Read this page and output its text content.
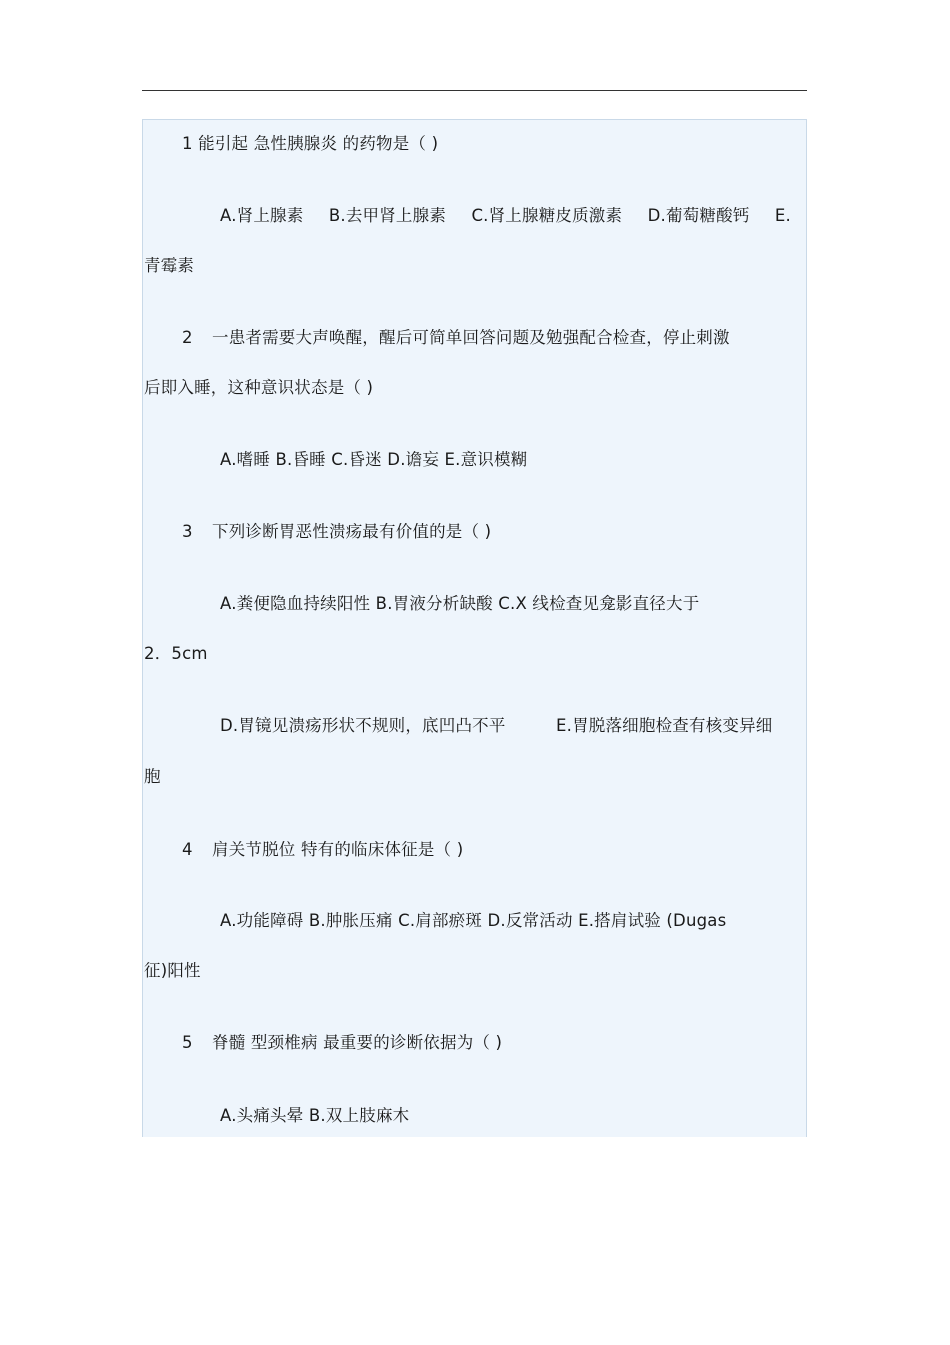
1 能引起 急性胰腺炎 的药物是（ )
A.肾上腺素 B.去甲肾上腺素 C.肾上腺糖皮质激素 D.葡萄糖酸钙 E.
青霉素
2 一患者需要大声唤醒，醒后可简单回答问题及勉强配合检查，停止刺激
后即入睡，这种意识状态是（ )
A.嗜睡 B.昏睡 C.昏迷 D.谵妄 E.意识模糊
3 下列诊断胃恶性溃疡最有价值的是（ )
A.粪便隐血持续阳性 B.胃液分析缺酸 C.X 线检查见龛影直径大于
2．5cm
D.胃镜见溃疡形状不规则，底凹凸不平	E.胃脱落细胞检查有核变异细
胞
4 肩关节脱位 特有的临床体征是（ )
A.功能障碍 B.肿胀压痛 C.肩部瘀斑 D.反常活动 E.搭肩试验 (Dugas
征)阳性
5 脊髓 型颈椎病 最重要的诊断依据为（ )
A.头痛头晕 B.双上肢麻木
